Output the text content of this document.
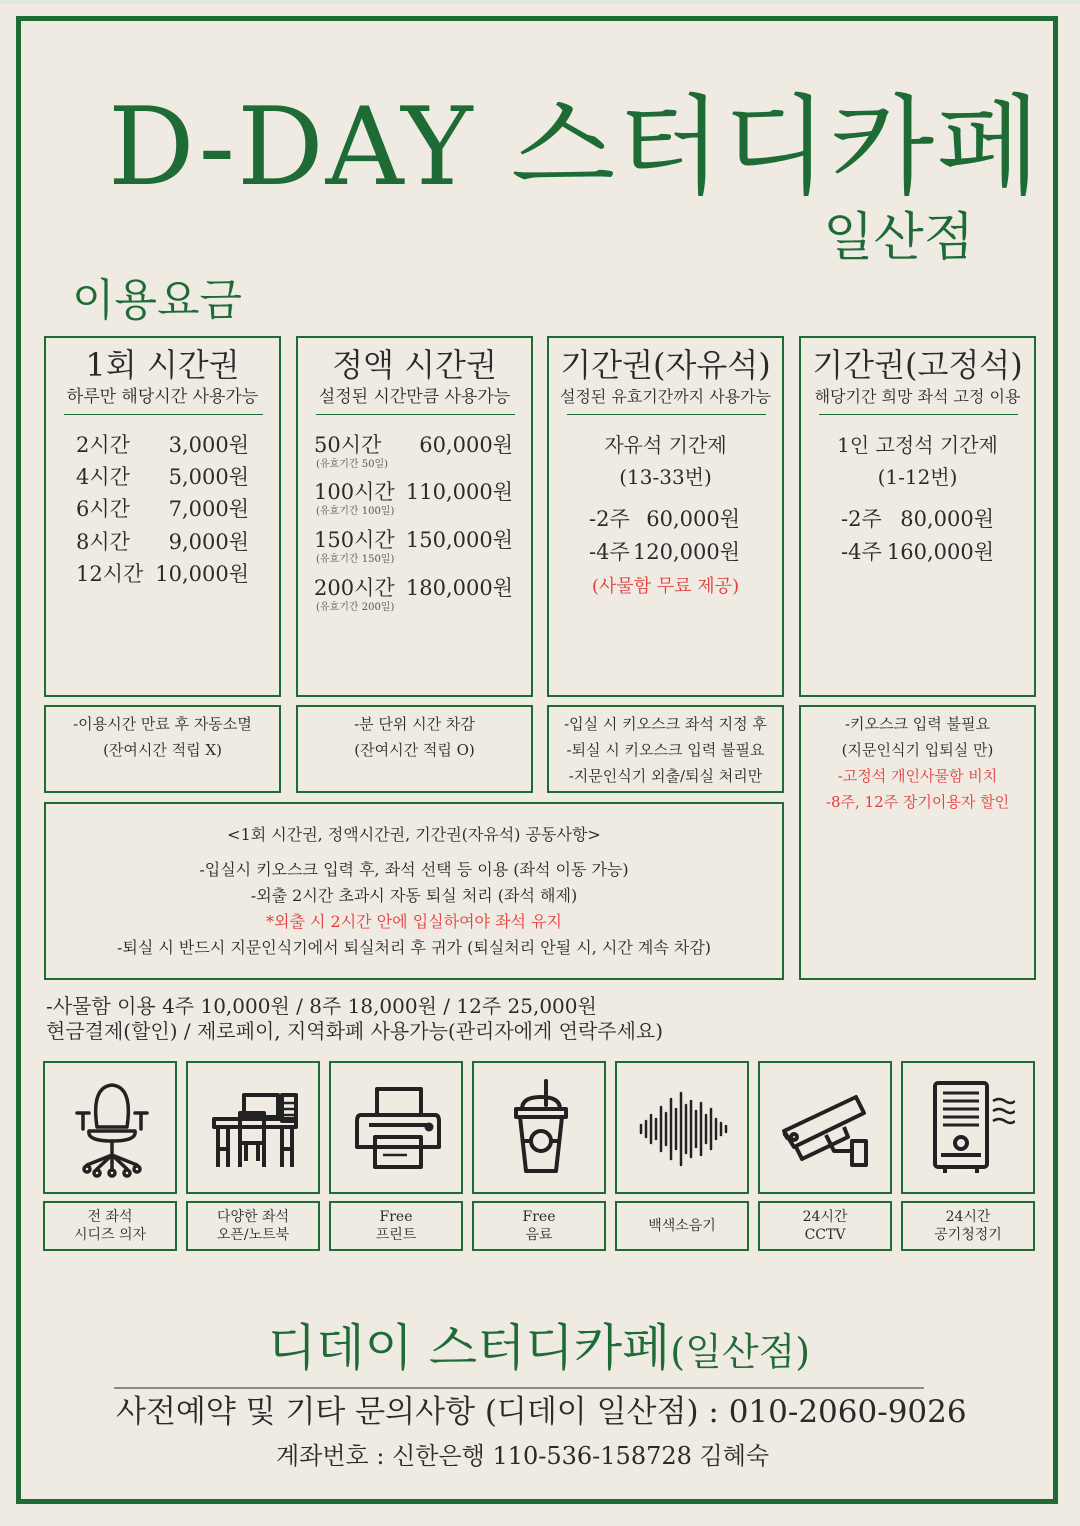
D-DAY 스터디카페
일산점
이용요금
1회 시간권
하루만 해당시간 사용가능
2시간 3,000원
4시간 5,000원
6시간 7,000원
8시간 9,000원
12시간 10,000원
정액 시간권
설정된 시간만큼 사용가능
50시간 60,000원
(유효기간 50일)
100시간 110,000원
(유효기간 100일)
150시간 150,000원
(유효기간 150일)
200시간 180,000원
(유효기간 200일)
기간권(자유석)
설정된 유효기간까지 사용가능
자유석 기간제
(13-33번)
-2주 60,000원
-4주 120,000원
(사물함 무료 제공)
기간권(고정석)
해당기간 희망 좌석 고정 이용
1인 고정석 기간제
(1-12번)
-2주 80,000원
-4주 160,000원
-이용시간 만료 후 자동소멸
(잔여시간 적립 X)
-분 단위 시간 차감
(잔여시간 적립 O)
-입실 시 키오스크 좌석 지정 후
-퇴실 시 키오스크 입력 불필요
-지문인식기 외출/퇴실 처리만
-키오스크 입력 불필요
(지문인식기 입퇴실 만)
-고정석 개인사물함 비치
-8주, 12주 장기이용자 할인
<1회 시간권, 정액시간권, 기간권(자유석) 공동사항>
-입실시 키오스크 입력 후, 좌석 선택 등 이용 (좌석 이동 가능)
-외출 2시간 초과시 자동 퇴실 처리 (좌석 해제)
*외출 시 2시간 안에 입실하여야 좌석 유지
-퇴실 시 반드시 지문인식기에서 퇴실처리 후 귀가 (퇴실처리 안될 시, 시간 계속 차감)
-사물함 이용 4주 10,000원 / 8주 18,000원 / 12주 25,000원
현금결제(할인) / 제로페이, 지역화폐 사용가능(관리자에게 연락주세요)
전 좌석
시디즈 의자
다양한 좌석
오픈/노트북
Free
프린트
Free
음료
백색소음기
24시간
CCTV
24시간
공기청정기
디데이 스터디카페(일산점)
사전예약 및 기타 문의사항 (디데이 일산점) : 010-2060-9026
계좌번호 : 신한은행 110-536-158728 김혜숙
